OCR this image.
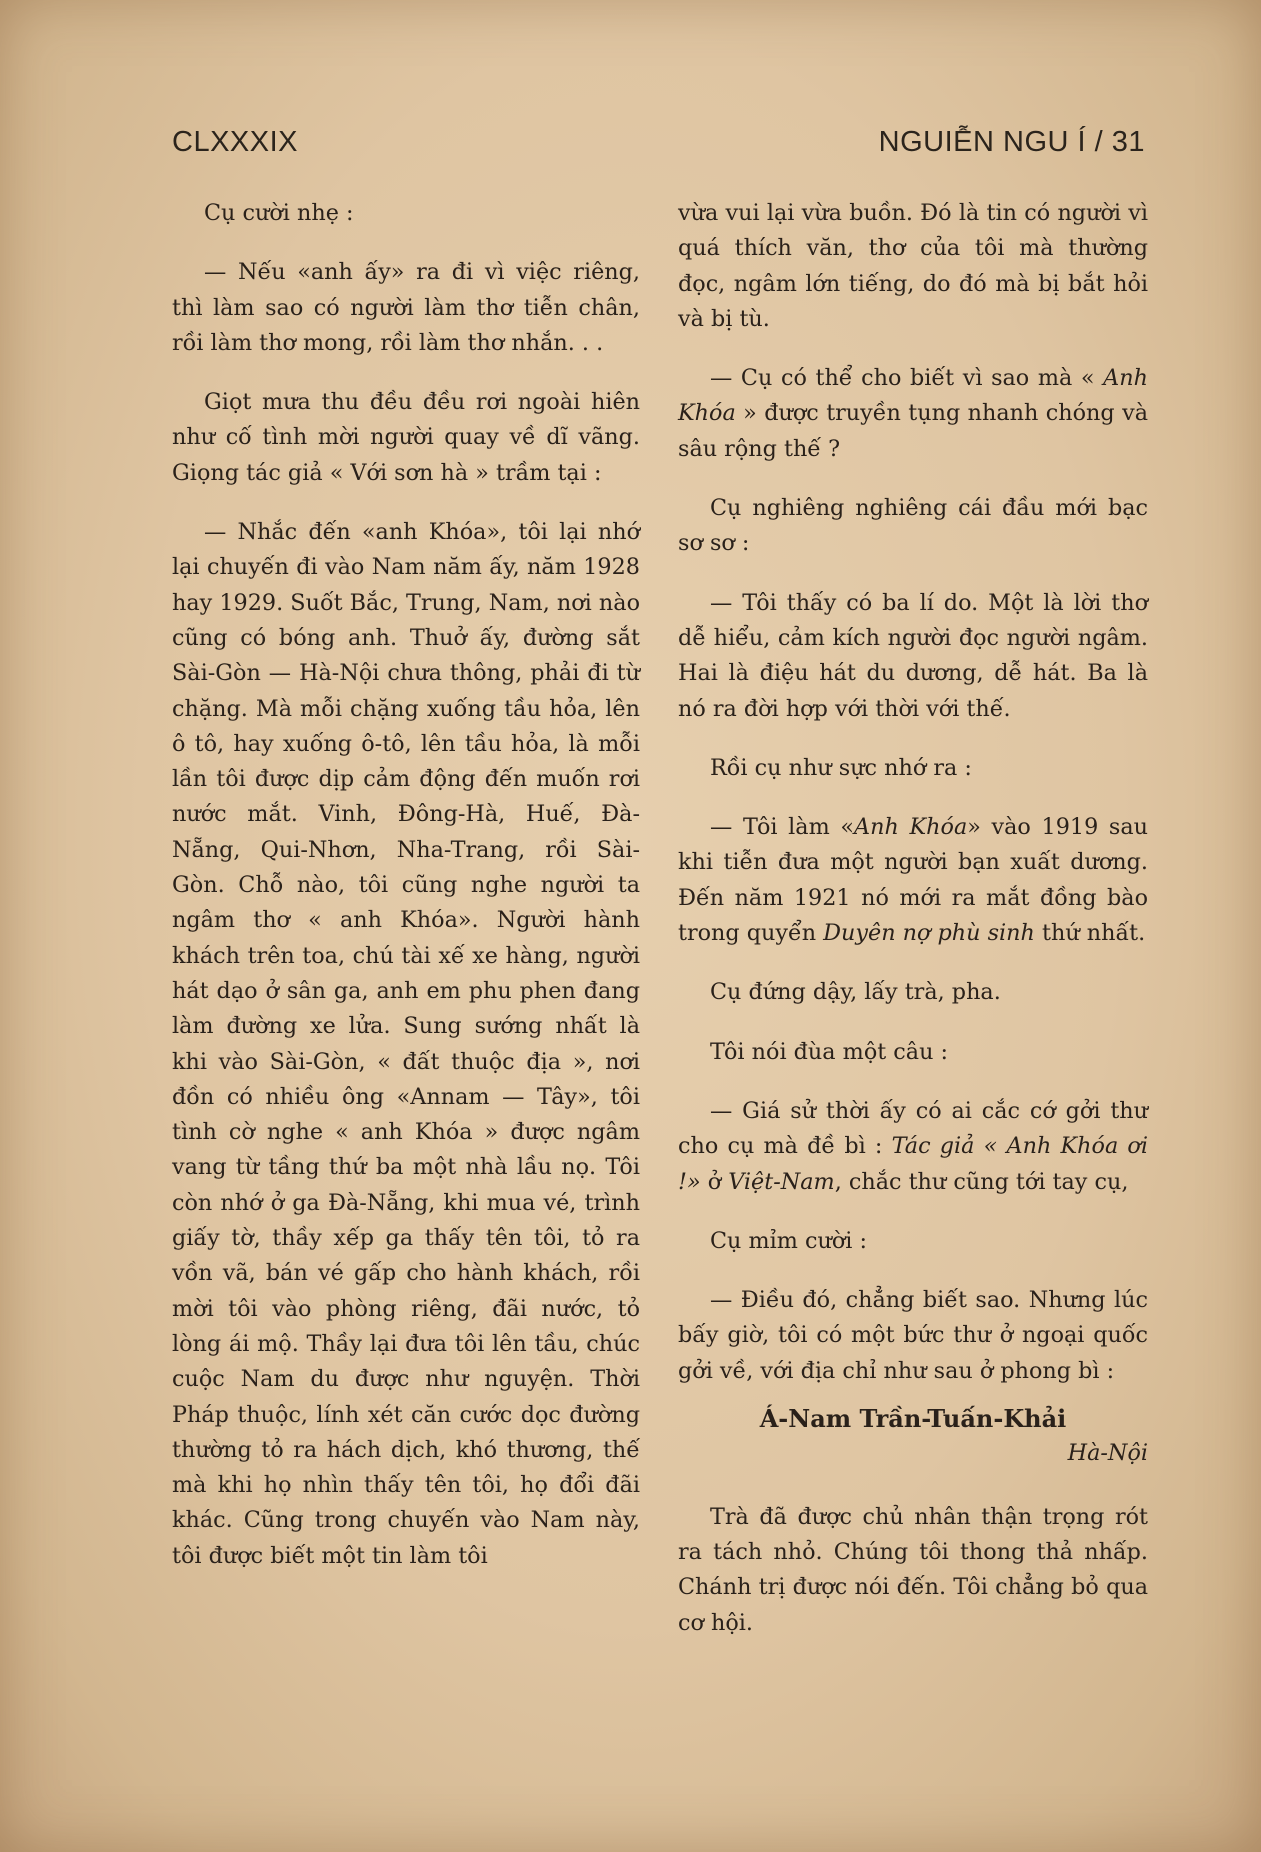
CLXXXIX	NGUIỄN NGU Í / 31

Cụ cười nhẹ :

— Nếu «anh ấy» ra đi vì việc riêng, thì làm sao có người làm thơ tiễn chân, rồi làm thơ mong, rồi làm thơ nhắn. . .

Giọt mưa thu đều đều rơi ngoài hiên như cố tình mời người quay về dĩ vãng. Giọng tác giả « Với sơn hà » trầm tại :

— Nhắc đến «anh Khóa», tôi lại nhớ lại chuyến đi vào Nam năm ấy, năm 1928 hay 1929. Suốt Bắc, Trung, Nam, nơi nào cũng có bóng anh. Thuở ấy, đường sắt Sài-Gòn — Hà-Nội chưa thông, phải đi từ chặng. Mà mỗi chặng xuống tầu hỏa, lên ô tô, hay xuống ô-tô, lên tầu hỏa, là mỗi lần tôi được dịp cảm động đến muốn rơi nước mắt. Vinh, Đông-Hà, Huế, Đà-Nẵng, Qui-Nhơn, Nha-Trang, rồi Sài-Gòn. Chỗ nào, tôi cũng nghe người ta ngâm thơ « anh Khóa». Người hành khách trên toa, chú tài xế xe hàng, người hát dạo ở sân ga, anh em phu phen đang làm đường xe lửa. Sung sướng nhất là khi vào Sài-Gòn, « đất thuộc địa », nơi đồn có nhiều ông «Annam — Tây», tôi tình cờ nghe « anh Khóa » được ngâm vang từ tầng thứ ba một nhà lầu nọ. Tôi còn nhớ ở ga Đà-Nẵng, khi mua vé, trình giấy tờ, thầy xếp ga thấy tên tôi, tỏ ra vồn vã, bán vé gấp cho hành khách, rồi mời tôi vào phòng riêng, đãi nước, tỏ lòng ái mộ. Thầy lại đưa tôi lên tầu, chúc cuộc Nam du được như nguyện. Thời Pháp thuộc, lính xét căn cước dọc đường thường tỏ ra hách dịch, khó thương, thế mà khi họ nhìn thấy tên tôi, họ đổi đãi khác. Cũng trong chuyến vào Nam này, tôi được biết một tin làm tôi

vừa vui lại vừa buồn. Đó là tin có người vì quá thích văn, thơ của tôi mà thường đọc, ngâm lớn tiếng, do đó mà bị bắt hỏi và bị tù.

— Cụ có thể cho biết vì sao mà « Anh Khóa » được truyền tụng nhanh chóng và sâu rộng thế ?

Cụ nghiêng nghiêng cái đầu mới bạc sơ sơ :

— Tôi thấy có ba lí do. Một là lời thơ dễ hiểu, cảm kích người đọc người ngâm. Hai là điệu hát du dương, dễ hát. Ba là nó ra đời hợp với thời với thế.

Rồi cụ như sực nhớ ra :

— Tôi làm «Anh Khóa» vào 1919 sau khi tiễn đưa một người bạn xuất dương. Đến năm 1921 nó mới ra mắt đồng bào trong quyển Duyên nợ phù sinh thứ nhất.

Cụ đứng dậy, lấy trà, pha.

Tôi nói đùa một câu :

— Giá sử thời ấy có ai cắc cớ gởi thư cho cụ mà đề bì : Tác giả « Anh Khóa ơi !» ở Việt-Nam, chắc thư cũng tới tay cụ,

Cụ mỉm cười :

— Điều đó, chẳng biết sao. Nhưng lúc bấy giờ, tôi có một bức thư ở ngoại quốc gởi về, với địa chỉ như sau ở phong bì :

Á-Nam Trần-Tuấn-Khải

Hà-Nội

Trà đã được chủ nhân thận trọng rót ra tách nhỏ. Chúng tôi thong thả nhấp. Chánh trị được nói đến. Tôi chẳng bỏ qua cơ hội.
